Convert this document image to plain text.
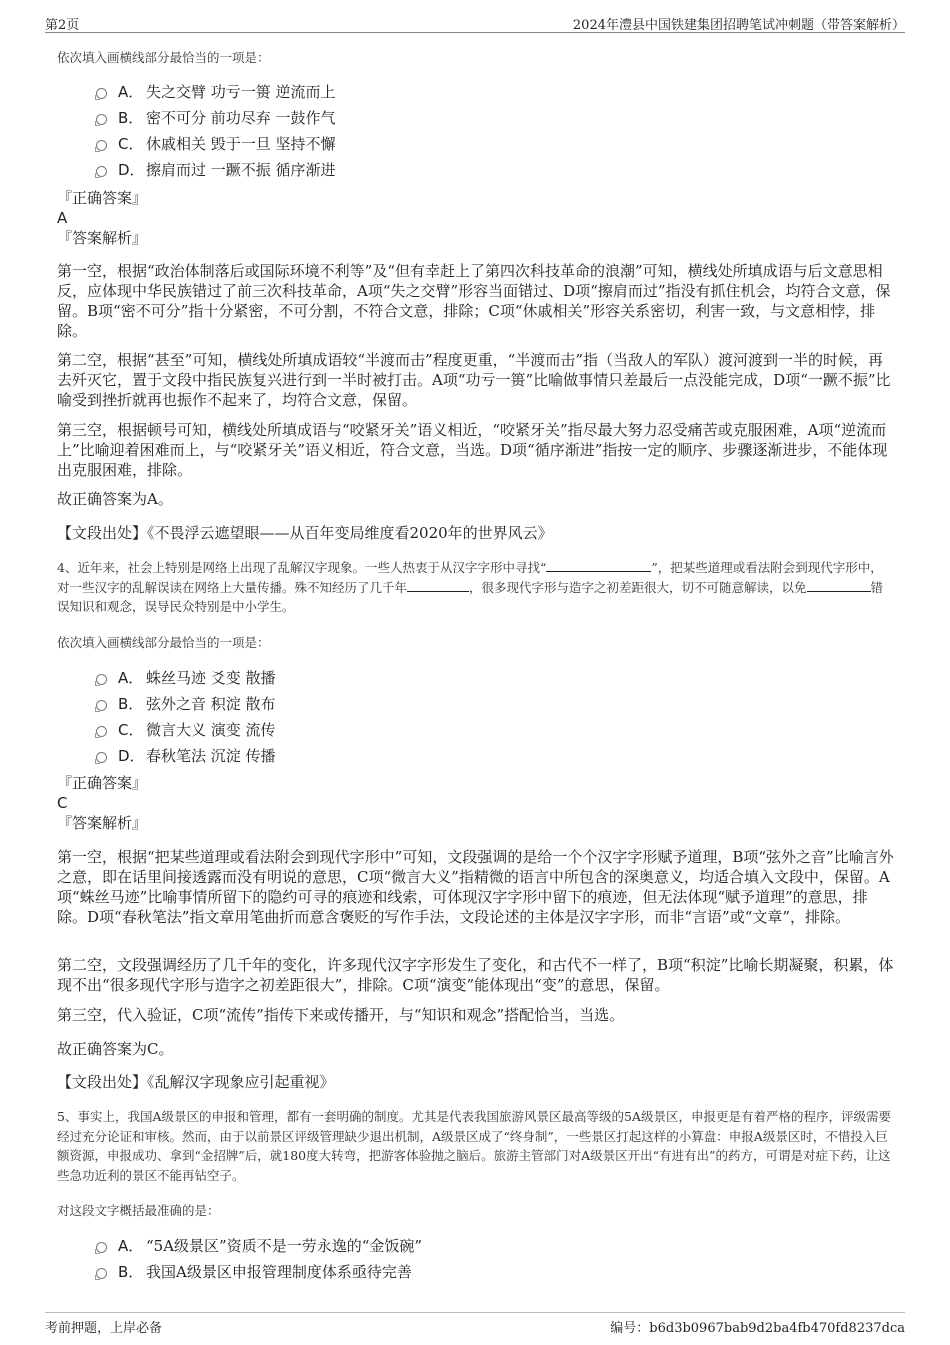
第2页	2024年澧县中国铁建集团招聘笔试冲刺题（带答案解析）
依次填入画横线部分最恰当的一项是：
A． 失之交臂 功亏一篑 逆流而上
B． 密不可分 前功尽弃 一鼓作气
C． 休戚相关 毁于一旦 坚持不懈
D． 擦肩而过 一蹶不振 循序渐进
『正确答案』
A
『答案解析』
第一空，根据“政治体制落后或国际环境不利等”及“但有幸赶上了第四次科技革命的浪潮”可知，横线处所填成语与后文意思相反，应体现中华民族错过了前三次科技革命，A项“失之交臂”形容当面错过、D项“擦肩而过”指没有抓住机会，均符合文意，保留。B项“密不可分”指十分紧密，不可分割，不符合文意，排除；C项“休戚相关”形容关系密切，利害一致，与文意相悖，排除。
第二空，根据“甚至”可知，横线处所填成语较“半渡而击”程度更重，“半渡而击”指（当敌人的军队）渡河渡到一半的时候，再去歼灭它，置于文段中指民族复兴进行到一半时被打击。A项“功亏一篑”比喻做事情只差最后一点没能完成，D项“一蹶不振”比喻受到挫折就再也振作不起来了，均符合文意，保留。
第三空，根据顿号可知，横线处所填成语与“咬紧牙关”语义相近，“咬紧牙关”指尽最大努力忍受痛苦或克服困难，A项“逆流而上”比喻迎着困难而上，与“咬紧牙关”语义相近，符合文意，当选。D项“循序渐进”指按一定的顺序、步骤逐渐进步，不能体现出克服困难，排除。
故正确答案为A。
【文段出处】《不畏浮云遮望眼——从百年变局维度看2020年的世界风云》
4、近年来，社会上特别是网络上出现了乱解汉字现象。一些人热衷于从汉字字形中寻找“	”，把某些道理或看法附会到现代字形中，对一些汉字的乱解误读在网络上大量传播。殊不知经历了几千年	，很多现代字形与造字之初差距很大，切不可随意解读，以免	错误知识和观念，误导民众特别是中小学生。
依次填入画横线部分最恰当的一项是：
A． 蛛丝马迹 爻变 散播
B． 弦外之音 积淀 散布
C． 微言大义 演变 流传
D． 春秋笔法 沉淀 传播
『正确答案』
C
『答案解析』
第一空，根据“把某些道理或看法附会到现代字形中”可知，文段强调的是给一个个汉字字形赋予道理，B项“弦外之音”比喻言外之意，即在话里间接透露而没有明说的意思，C项“微言大义”指精微的语言中所包含的深奥意义，均适合填入文段中，保留。A项“蛛丝马迹”比喻事情所留下的隐约可寻的痕迹和线索，可体现汉字字形中留下的痕迹，但无法体现“赋予道理”的意思，排除。D项“春秋笔法”指文章用笔曲折而意含褒贬的写作手法，文段论述的主体是汉字字形，而非“言语”或“文章”，排除。
第二空，文段强调经历了几千年的变化，许多现代汉字字形发生了变化，和古代不一样了，B项“积淀”比喻长期凝聚，积累，体现不出“很多现代字形与造字之初差距很大”，排除。C项“演变”能体现出“变”的意思，保留。
第三空，代入验证，C项“流传”指传下来或传播开，与“知识和观念”搭配恰当，当选。
故正确答案为C。
【文段出处】《乱解汉字现象应引起重视》
5、事实上，我国A级景区的申报和管理，都有一套明确的制度。尤其是代表我国旅游风景区最高等级的5A级景区，申报更是有着严格的程序，评级需要经过充分论证和审核。然而，由于以前景区评级管理缺少退出机制，A级景区成了“终身制”，一些景区打起这样的小算盘：申报A级景区时，不惜投入巨额资源，申报成功、拿到“金招牌”后，就180度大转弯，把游客体验抛之脑后。旅游主管部门对A级景区开出“有进有出”的药方，可谓是对症下药，让这些急功近利的景区不能再钻空子。
对这段文字概括最准确的是：
A． “5A级景区”资质不是一劳永逸的“金饭碗”
B． 我国A级景区申报管理制度体系亟待完善
考前押题，上岸必备	编号：b6d3b0967bab9d2ba4fb470fd8237dca
